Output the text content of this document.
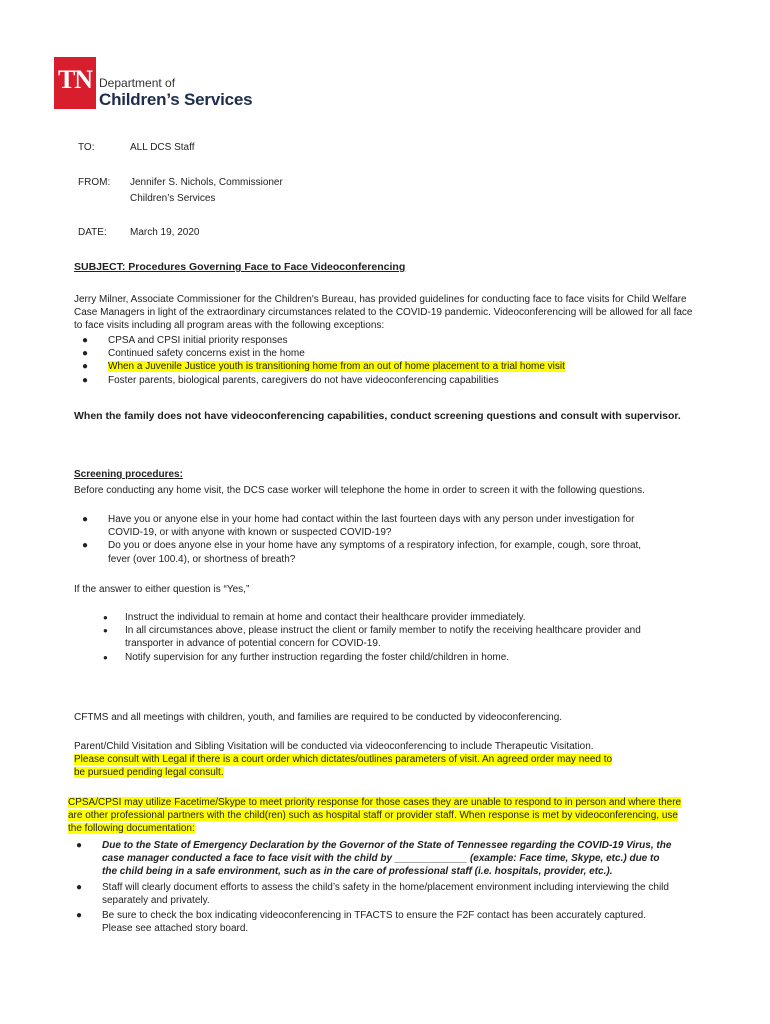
TN Department of
Children’s Services
TO:	ALL DCS Staff
FROM: Jennifer S. Nichols, Commissioner
Children’s Services
DATE: March 19, 2020
SUBJECT: Procedures Governing Face to Face Videoconferencing
Jerry Milner, Associate Commissioner for the Children's Bureau, has provided guidelines for conducting face to face visits for Child Welfare Case Managers in light of the extraordinary circumstances related to the COVID-19 pandemic. Videoconferencing will be allowed for all face to face visits including all program areas with the following exceptions:
● CPSA and CPSI initial priority responses
● Continued safety concerns exist in the home
● When a Juvenile Justice youth is transitioning home from an out of home placement to a trial home visit
● Foster parents, biological parents, caregivers do not have videoconferencing capabilities
When the family does not have videoconferencing capabilities, conduct screening questions and consult with supervisor.
Screening procedures:
Before conducting any home visit, the DCS case worker will telephone the home in order to screen it with the following questions.
● Have you or anyone else in your home had contact within the last fourteen days with any person under investigation for COVID-19, or with anyone with known or suspected COVID-19?
● Do you or does anyone else in your home have any symptoms of a respiratory infection, for example, cough, sore throat, fever (over 100.4), or shortness of breath?
If the answer to either question is “Yes,”
● Instruct the individual to remain at home and contact their healthcare provider immediately.
● In all circumstances above, please instruct the client or family member to notify the receiving healthcare provider and transporter in advance of potential concern for COVID-19.
● Notify supervision for any further instruction regarding the foster child/children in home.
CFTMS and all meetings with children, youth, and families are required to be conducted by videoconferencing.
Parent/Child Visitation and Sibling Visitation will be conducted via videoconferencing to include Therapeutic Visitation.
Please consult with Legal if there is a court order which dictates/outlines parameters of visit. An agreed order may need to be pursued pending legal consult.
CPSA/CPSI may utilize Facetime/Skype to meet priority response for those cases they are unable to respond to in person and where there are other professional partners with the child(ren) such as hospital staff or provider staff. When response is met by videoconferencing, use the following documentation:
● Due to the State of Emergency Declaration by the Governor of the State of Tennessee regarding the COVID-19 Virus, the case manager conducted a face to face visit with the child by _____________ (example: Face time, Skype, etc.) due to the child being in a safe environment, such as in the care of professional staff (i.e. hospitals, provider, etc.).
● Staff will clearly document efforts to assess the child’s safety in the home/placement environment including interviewing the child separately and privately.
● Be sure to check the box indicating videoconferencing in TFACTS to ensure the F2F contact has been accurately captured. Please see attached story board.
